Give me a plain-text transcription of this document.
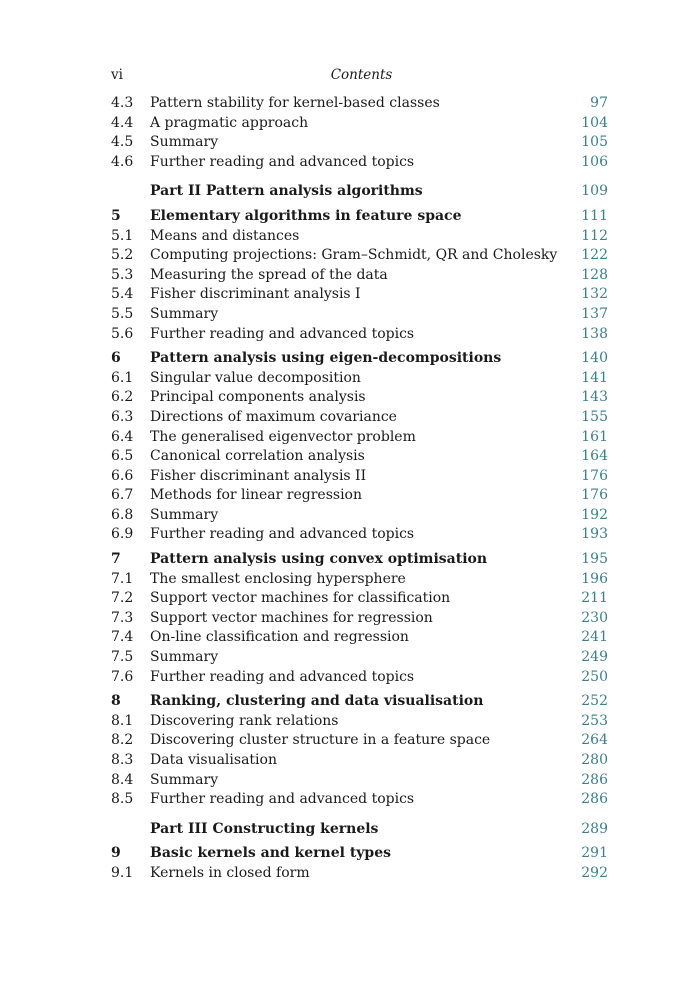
vi	Contents
4.3 Pattern stability for kernel-based classes	97
4.4 A pragmatic approach	104
4.5 Summary	105
4.6 Further reading and advanced topics	106
Part II Pattern analysis algorithms	109
5 Elementary algorithms in feature space	111
5.1 Means and distances	112
5.2 Computing projections: Gram–Schmidt, QR and Cholesky 122
5.3 Measuring the spread of the data	128
5.4 Fisher discriminant analysis I	132
5.5 Summary	137
5.6 Further reading and advanced topics	138
6 Pattern analysis using eigen-decompositions	140
6.1 Singular value decomposition	141
6.2 Principal components analysis	143
6.3 Directions of maximum covariance	155
6.4 The generalised eigenvector problem	161
6.5 Canonical correlation analysis	164
6.6 Fisher discriminant analysis II	176
6.7 Methods for linear regression	176
6.8 Summary	192
6.9 Further reading and advanced topics	193
7 Pattern analysis using convex optimisation	195
7.1 The smallest enclosing hypersphere	196
7.2 Support vector machines for classification	211
7.3 Support vector machines for regression	230
7.4 On-line classification and regression	241
7.5 Summary	249
7.6 Further reading and advanced topics	250
8 Ranking, clustering and data visualisation	252
8.1 Discovering rank relations	253
8.2 Discovering cluster structure in a feature space	264
8.3 Data visualisation	280
8.4 Summary	286
8.5 Further reading and advanced topics	286
Part III Constructing kernels	289
9 Basic kernels and kernel types	291
9.1 Kernels in closed form	292
